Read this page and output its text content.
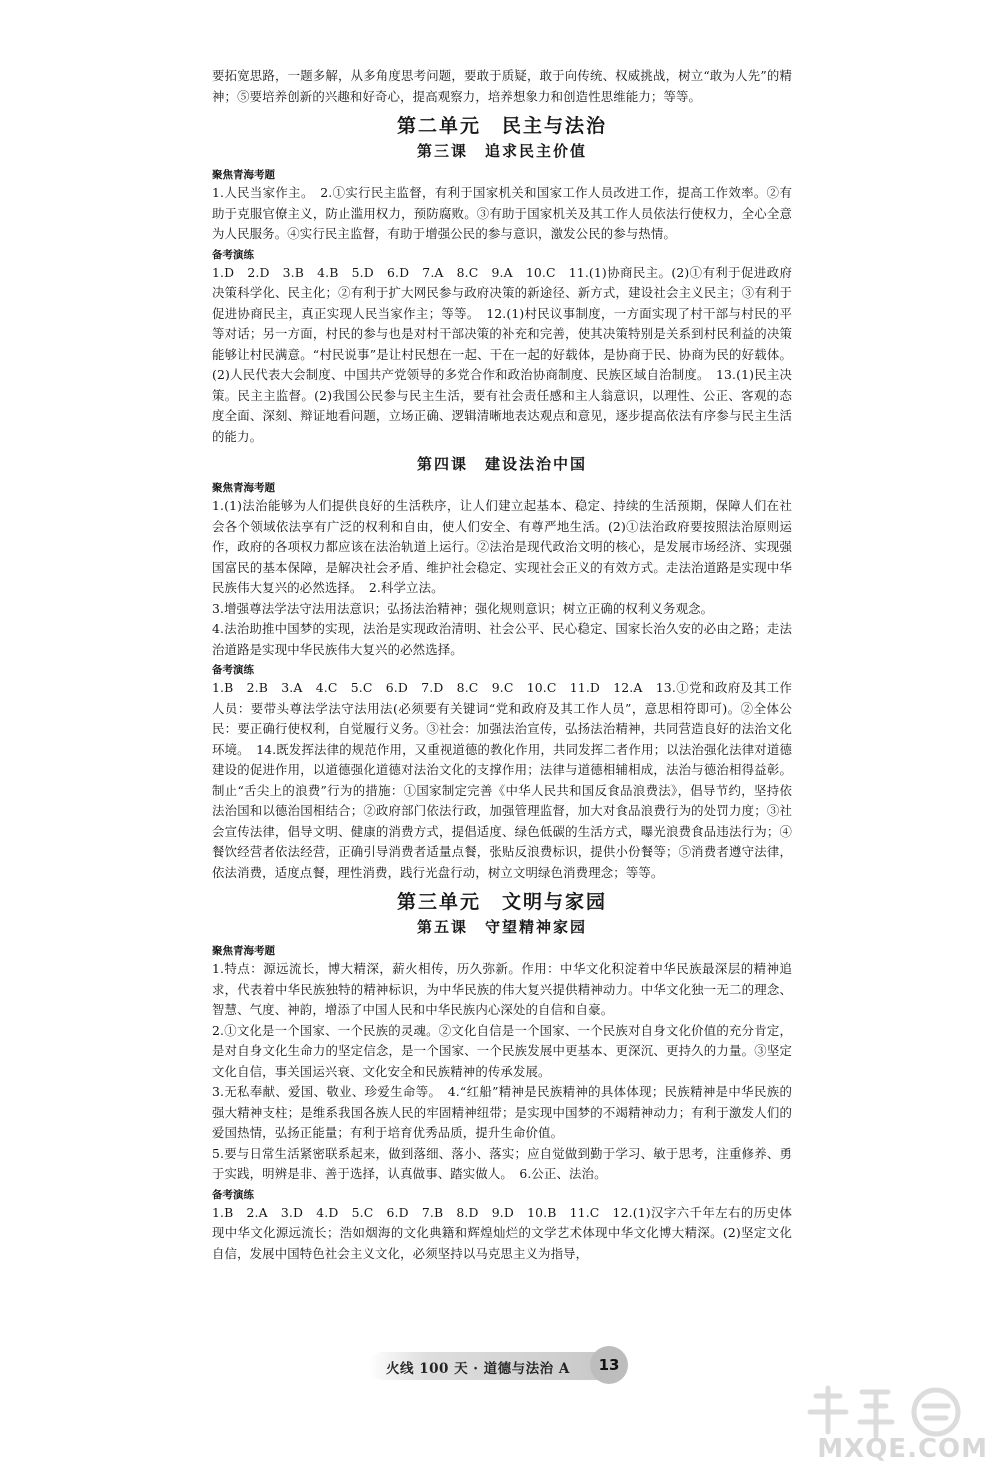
要拓宽思路，一题多解，从多角度思考问题，要敢于质疑，敢于向传统、权威挑战，树立“敢为人先”的精神；⑤要培养创新的兴趣和好奇心，提高观察力，培养想象力和创造性思维能力；等等。

第二单元　民主与法治
第三课　追求民主价值
聚焦青海考题

1.人民当家作主。　2.①实行民主监督，有利于国家机关和国家工作人员改进工作，提高工作效率。②有助于克服官僚主义，防止滥用权力，预防腐败。③有助于国家机关及其工作人员依法行使权力，全心全意为人民服务。④实行民主监督，有助于增强公民的参与意识，激发公民的参与热情。

备考演练

1.D　2.D　3.B　4.B　5.D　6.D　7.A　8.C　9.A　10.C　11.(1)协商民主。(2)①有利于促进政府决策科学化、民主化；②有利于扩大网民参与政府决策的新途径、新方式，建设社会主义民主；③有利于促进协商民主，真正实现人民当家作主；等等。　12.(1)村民议事制度，一方面实现了村干部与村民的平等对话；另一方面，村民的参与也是对村干部决策的补充和完善，使其决策特别是关系到村民利益的决策能够让村民满意。“村民说事”是让村民想在一起、干在一起的好载体，是协商于民、协商为民的好载体。(2)人民代表大会制度、中国共产党领导的多党合作和政治协商制度、民族区域自治制度。　13.(1)民主决策。民主主监督。(2)我国公民参与民主生活，要有社会责任感和主人翁意识，以理性、公正、客观的态度全面、深刻、辩证地看问题，立场正确、逻辑清晰地表达观点和意见，逐步提高依法有序参与民主生活的能力。

第四课　建设法治中国
聚焦青海考题

1.(1)法治能够为人们提供良好的生活秩序，让人们建立起基本、稳定、持续的生活预期，保障人们在社会各个领域依法享有广泛的权利和自由，使人们安全、有尊严地生活。(2)①法治政府要按照法治原则运作，政府的各项权力都应该在法治轨道上运行。②法治是现代政治文明的核心，是发展市场经济、实现强国富民的基本保障，是解决社会矛盾、维护社会稳定、实现社会正义的有效方式。走法治道路是实现中华民族伟大复兴的必然选择。　2.科学立法。

3.增强尊法学法守法用法意识；弘扬法治精神；强化规则意识；树立正确的权利义务观念。

4.法治助推中国梦的实现，法治是实现政治清明、社会公平、民心稳定、国家长治久安的必由之路；走法治道路是实现中华民族伟大复兴的必然选择。

备考演练

1.B　2.B　3.A　4.C　5.C　6.D　7.D　8.C　9.C　10.C　11.D　12.A　13.①党和政府及其工作人员：要带头尊法学法守法用法(必须要有关键词“党和政府及其工作人员”，意思相符即可)。②全体公民：要正确行使权利，自觉履行义务。③社会：加强法治宣传，弘扬法治精神，共同营造良好的法治文化环境。　14.既发挥法律的规范作用，又重视道德的教化作用，共同发挥二者作用；以法治强化法律对道德建设的促进作用，以道德强化道德对法治文化的支撑作用；法律与道德相辅相成，法治与德治相得益彰。制止“舌尖上的浪费”行为的措施：①国家制定完善《中华人民共和国反食品浪费法》，倡导节约，坚持依法治国和以德治国相结合；②政府部门依法行政，加强管理监督，加大对食品浪费行为的处罚力度；③社会宣传法律，倡导文明、健康的消费方式，提倡适度、绿色低碳的生活方式，曝光浪费食品违法行为；④餐饮经营者依法经营，正确引导消费者适量点餐，张贴反浪费标识，提供小份餐等；⑤消费者遵守法律，依法消费，适度点餐，理性消费，践行光盘行动，树立文明绿色消费理念；等等。

第三单元　文明与家园
第五课　守望精神家园
聚焦青海考题

1.特点：源远流长，博大精深，薪火相传，历久弥新。作用：中华文化积淀着中华民族最深层的精神追求，代表着中华民族独特的精神标识，为中华民族的伟大复兴提供精神动力。中华文化独一无二的理念、智慧、气度、神韵，增添了中国人民和中华民族内心深处的自信和自豪。

2.①文化是一个国家、一个民族的灵魂。②文化自信是一个国家、一个民族对自身文化价值的充分肯定，是对自身文化生命力的坚定信念，是一个国家、一个民族发展中更基本、更深沉、更持久的力量。③坚定文化自信，事关国运兴衰、文化安全和民族精神的传承发展。

3.无私奉献、爱国、敬业、珍爱生命等。　4.“红船”精神是民族精神的具体体现；民族精神是中华民族的强大精神支柱；是维系我国各族人民的牢固精神纽带；是实现中国梦的不竭精神动力；有利于激发人们的爱国热情，弘扬正能量；有利于培育优秀品质，提升生命价值。

5.要与日常生活紧密联系起来，做到落细、落小、落实；应自觉做到勤于学习、敏于思考，注重修养、勇于实践，明辨是非、善于选择，认真做事、踏实做人。　6.公正、法治。

备考演练

1.B　2.A　3.D　4.D　5.C　6.D　7.B　8.D　9.D　10.B　11.C　12.(1)汉字六千年左右的历史体现中华文化源远流长；浩如烟海的文化典籍和辉煌灿烂的文学艺术体现中华文化博大精深。(2)坚定文化自信，发展中国特色社会主义文化，必须坚持以马克思主义为指导，

火线 100 天 · 道德与法治 A	13
MXQE.COM
